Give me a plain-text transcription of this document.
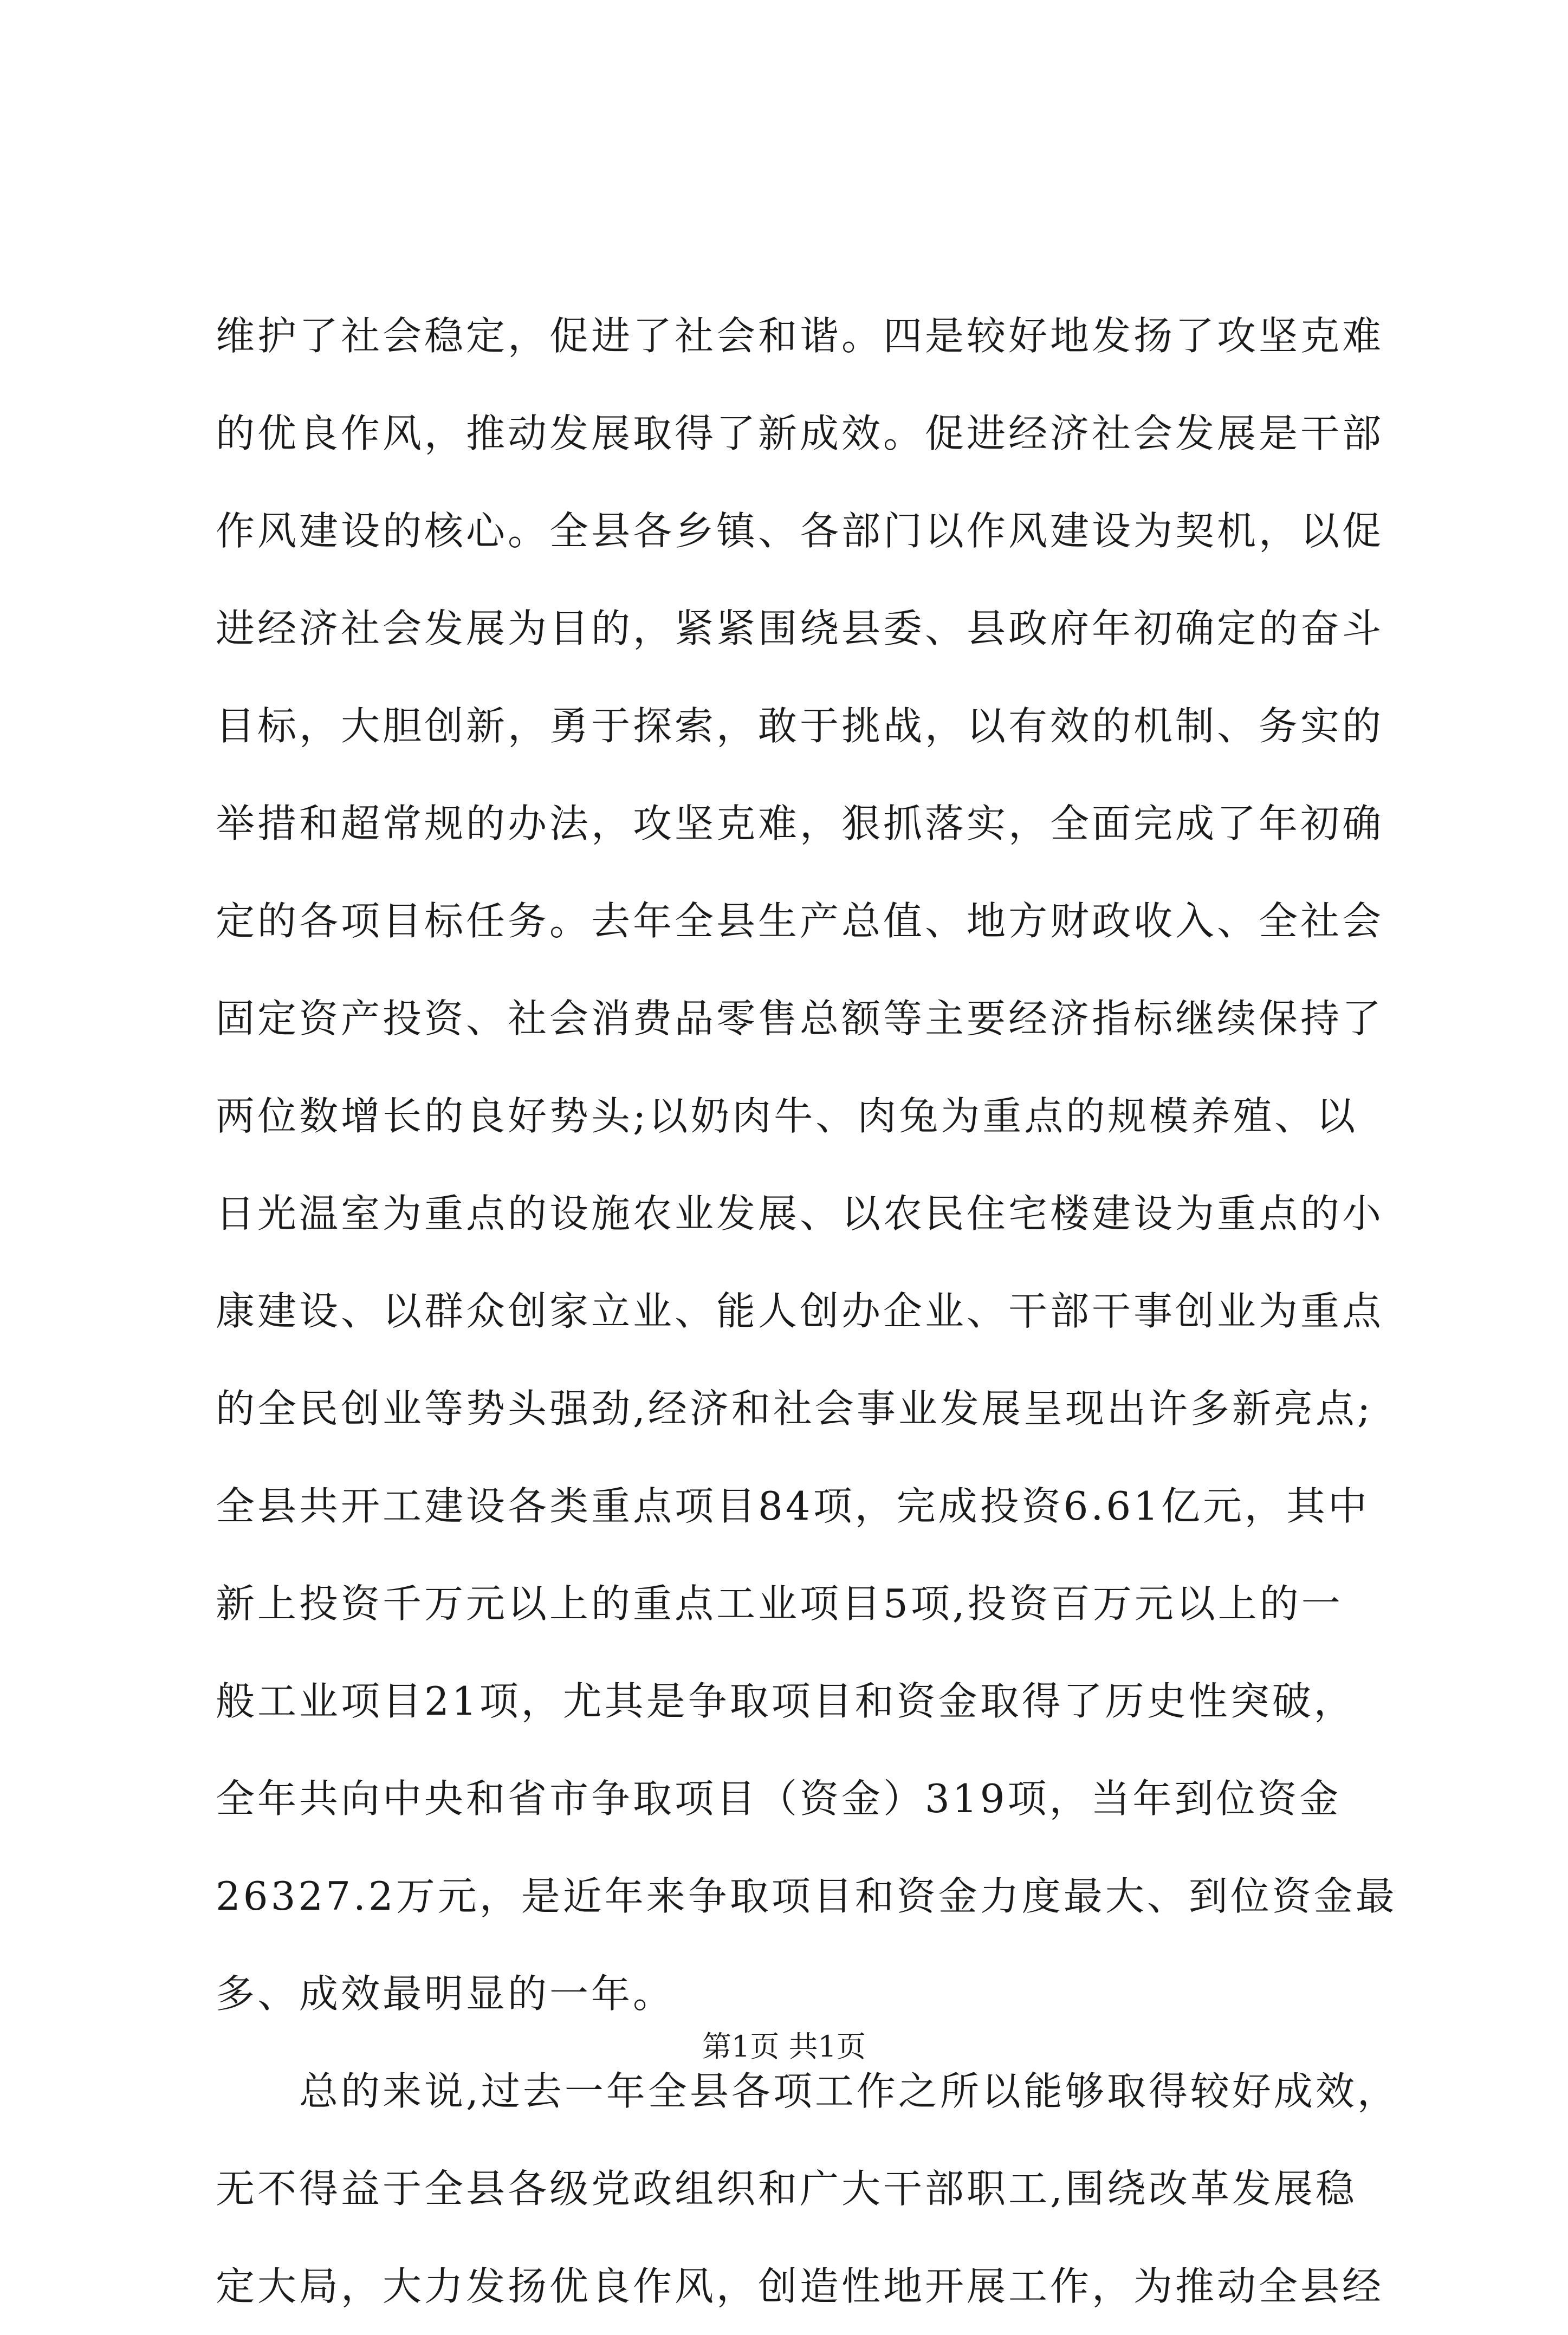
维护了社会稳定，促进了社会和谐。四是较好地发扬了攻坚克难
的优良作风，推动发展取得了新成效。促进经济社会发展是干部
作风建设的核心。全县各乡镇、各部门以作风建设为契机，以促
进经济社会发展为目的，紧紧围绕县委、县政府年初确定的奋斗
目标，大胆创新，勇于探索，敢于挑战，以有效的机制、务实的
举措和超常规的办法，攻坚克难，狠抓落实，全面完成了年初确
定的各项目标任务。去年全县生产总值、地方财政收入、全社会
固定资产投资、社会消费品零售总额等主要经济指标继续保持了
两位数增长的良好势头;以奶肉牛、肉兔为重点的规模养殖、以
日光温室为重点的设施农业发展、以农民住宅楼建设为重点的小
康建设、以群众创家立业、能人创办企业、干部干事创业为重点
的全民创业等势头强劲,经济和社会事业发展呈现出许多新亮点;
全县共开工建设各类重点项目84项，完成投资6.61亿元，其中
新上投资千万元以上的重点工业项目5项,投资百万元以上的一
般工业项目21项，尤其是争取项目和资金取得了历史性突破，
全年共向中央和省市争取项目（资金）319项，当年到位资金
26327.2万元，是近年来争取项目和资金力度最大、到位资金最
多、成效最明显的一年。
　　总的来说,过去一年全县各项工作之所以能够取得较好成效，
无不得益于全县各级党政组织和广大干部职工,围绕改革发展稳
定大局，大力发扬优良作风，创造性地开展工作，为推动全县经
第1页 共1页
